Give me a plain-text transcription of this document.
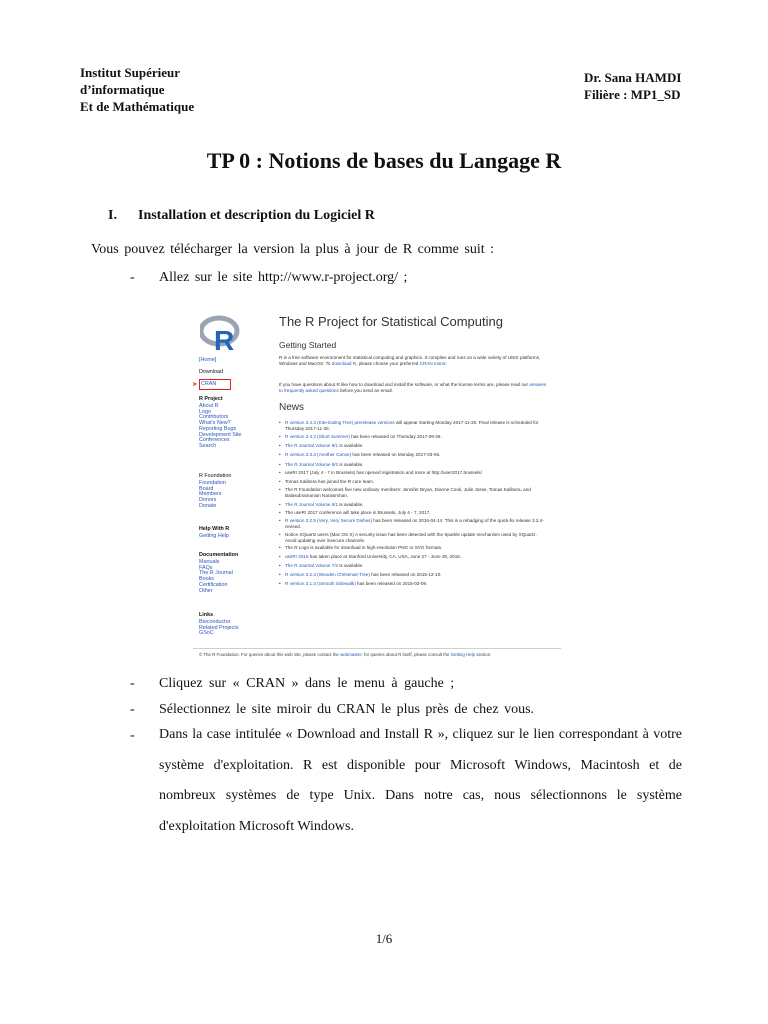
Institut Supérieur
d’informatique
Et de Mathématique
Dr. Sana HAMDI
Filière : MP1_SD
TP 0 : Notions de bases du Langage R
I. Installation et description du Logiciel R
Vous pouvez télécharger la version la plus à jour de R comme suit :
- Allez sur le site http://www.r-project.org/ ;
R
[Home]
Download
CRAN
R Project
R Foundation
Help With R
Documentation
Links
About R
Logo
Contributors
What’s New?
Reporting Bugs
Development Site
Conferences
Search
Foundation
Board
Members
Donors
Donate
Getting Help
Manuals
FAQs
The R Journal
Books
Certification
Other
Bioconductor
Related Projects
GSoC
The R Project for Statistical Computing
Getting Started
R is a free software environment for statistical computing and graphics. It compiles and runs on a wide variety of UNIX platforms, Windows and MacOS. To download R, please choose your preferred CRAN mirror.
If you have questions about R like how to download and install the software, or what the license terms are, please read our answers to frequently asked questions before you send an email.
News
• R version 3.4.3 (Kite-Eating Tree) prerelease versions will appear starting Monday 2017-11-20. Final release is scheduled for Thursday 2017-11-30.
• R version 3.4.2 (Short Summer) has been released on Thursday 2017-09-28.
• The R Journal Volume 9/1 is available.
• R version 3.3.3 (Another Canoe) has been released on Monday 2017-03-06.
• The R Journal Volume 8/2 is available.
• useR! 2017 (July 4 - 7 in Brussels) has opened registration and more at http://user2017.brussels/
• Tomas Kalibera has joined the R core team.
• The R Foundation welcomes five new ordinary members: Jennifer Bryan, Dianne Cook, Julie Josse, Tomas Kalibera, and Balasubramanian Narasimhan.
• The R Journal Volume 8/1 is available.
• The useR! 2017 conference will take place in Brussels, July 4 - 7, 2017.
• R version 3.2.5 (Very, Very Secure Dishes) has been released on 2016-04-14. This is a rebadging of the quick-fix release 3.2.4-revised.
• Notice XQuartz users (Mac OS X) A security issue has been detected with the Sparkle update mechanism used by XQuartz. Avoid updating over insecure channels.
• The R Logo is available for download in high-resolution PNG or SVG formats.
• useR! 2016 has taken place at Stanford University, CA, USA, June 27 - June 30, 2016.
• The R Journal Volume 7/2 is available.
• R version 3.2.3 (Wooden Christmas-Tree) has been released on 2015-12-10.
• R version 3.1.3 (Smooth Sidewalk) has been released on 2015-03-09.
© The R Foundation. For queries about this web site, please contact the webmaster; for queries about R itself, please consult the Getting Help section.
- Cliquez sur « CRAN » dans le menu à gauche ;
- Sélectionnez le site miroir du CRAN le plus près de chez vous.
- Dans la case intitulée « Download and Install R », cliquez sur le lien correspondant à votre système d'exploitation. R est disponible pour Microsoft Windows, Macintosh et de nombreux systèmes de type Unix. Dans notre cas, nous sélectionnons le système d'exploitation Microsoft Windows.
1/6
